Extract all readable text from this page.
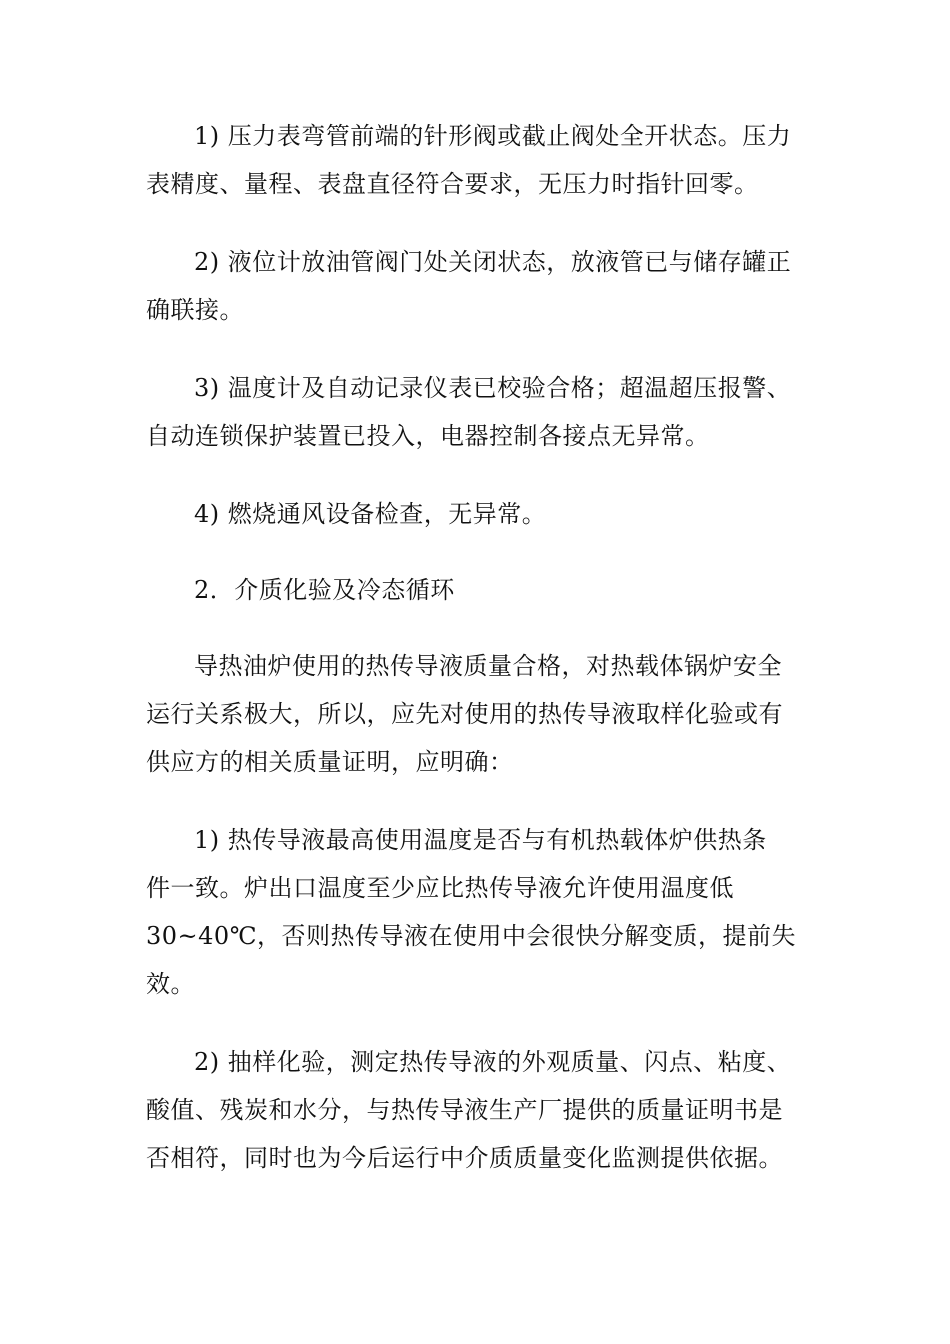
1) 压力表弯管前端的针形阀或截止阀处全开状态。压力
表精度、量程、表盘直径符合要求，无压力时指针回零。

2) 液位计放油管阀门处关闭状态，放液管已与储存罐正
确联接。

3) 温度计及自动记录仪表已校验合格；超温超压报警、
自动连锁保护装置已投入，电器控制各接点无异常。

4) 燃烧通风设备检查，无异常。

2．介质化验及冷态循环

导热油炉使用的热传导液质量合格，对热载体锅炉安全
运行关系极大，所以，应先对使用的热传导液取样化验或有
供应方的相关质量证明，应明确：

1) 热传导液最高使用温度是否与有机热载体炉供热条
件一致。炉出口温度至少应比热传导液允许使用温度低
30~40℃，否则热传导液在使用中会很快分解变质，提前失
效。

2) 抽样化验，测定热传导液的外观质量、闪点、粘度、
酸值、残炭和水分，与热传导液生产厂提供的质量证明书是
否相符，同时也为今后运行中介质质量变化监测提供依据。
